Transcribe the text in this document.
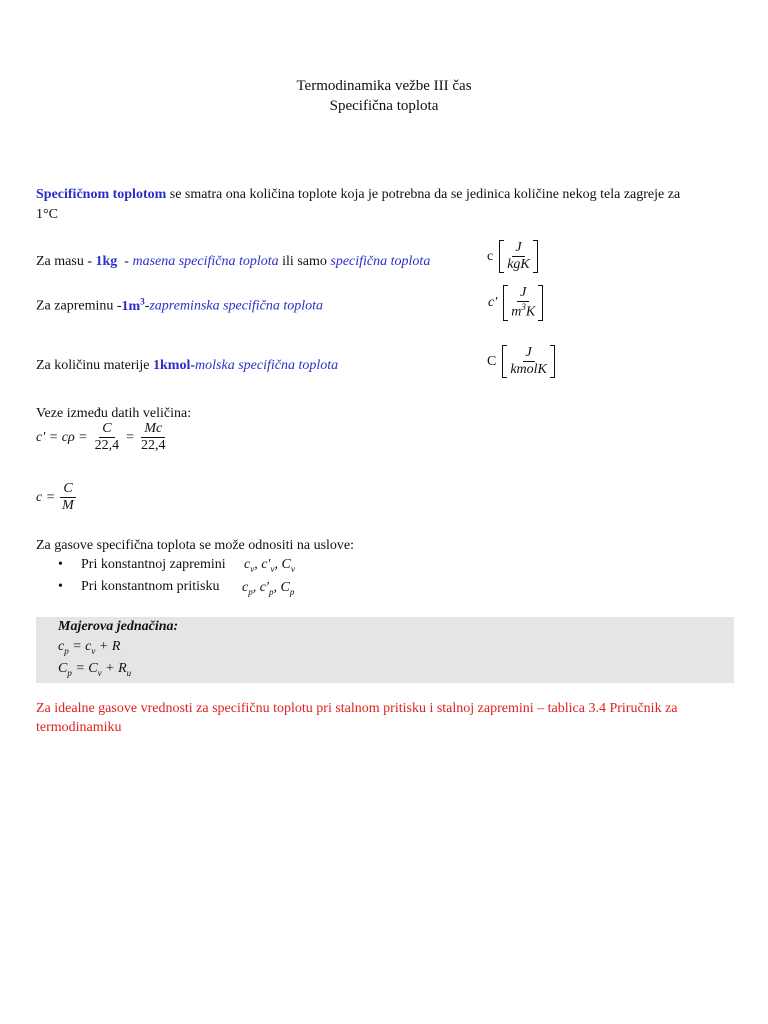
Termodinamika vežbe III čas
Specifična toplota
Specifičnom toplotom se smatra ona količina toplote koja je potrebna da se jedinica količine nekog tela zagreje za
1°C
Za masu - 1kg  - masena specifična toplota ili samo specifična toplota	c $\frac{J}{\text{kgK}}$
Za zapreminu $-1m^3$-zapreminska specifična toplota	$c' \frac{J}{m^3K}$
Za količinu materije 1kmol-molska specifična toplota	C $\frac{J}{\text{kmolK}}$
Veze između datih veličina:
$c' = c\rho = \frac{C}{22,4} = \frac{Mc}{22,4}$
$c = \frac{C}{M}$
Za gasove specifična toplota se može odnositi na uslove:
• Pri konstantnoj zapremini $c_v$, $c'_v$, $C_v$
• Pri konstantnom pritisku $c_p$, $c'_p$, $C_p$
Majerova jednačina:
$c_p = c_v + R$
$C_p = C_v + R_u$
Za idealne gasove vrednosti za specifičnu toplotu pri stalnom pritisku i stalnoj zapremini – tablica 3.4 Priručnik za
termodinamiku
